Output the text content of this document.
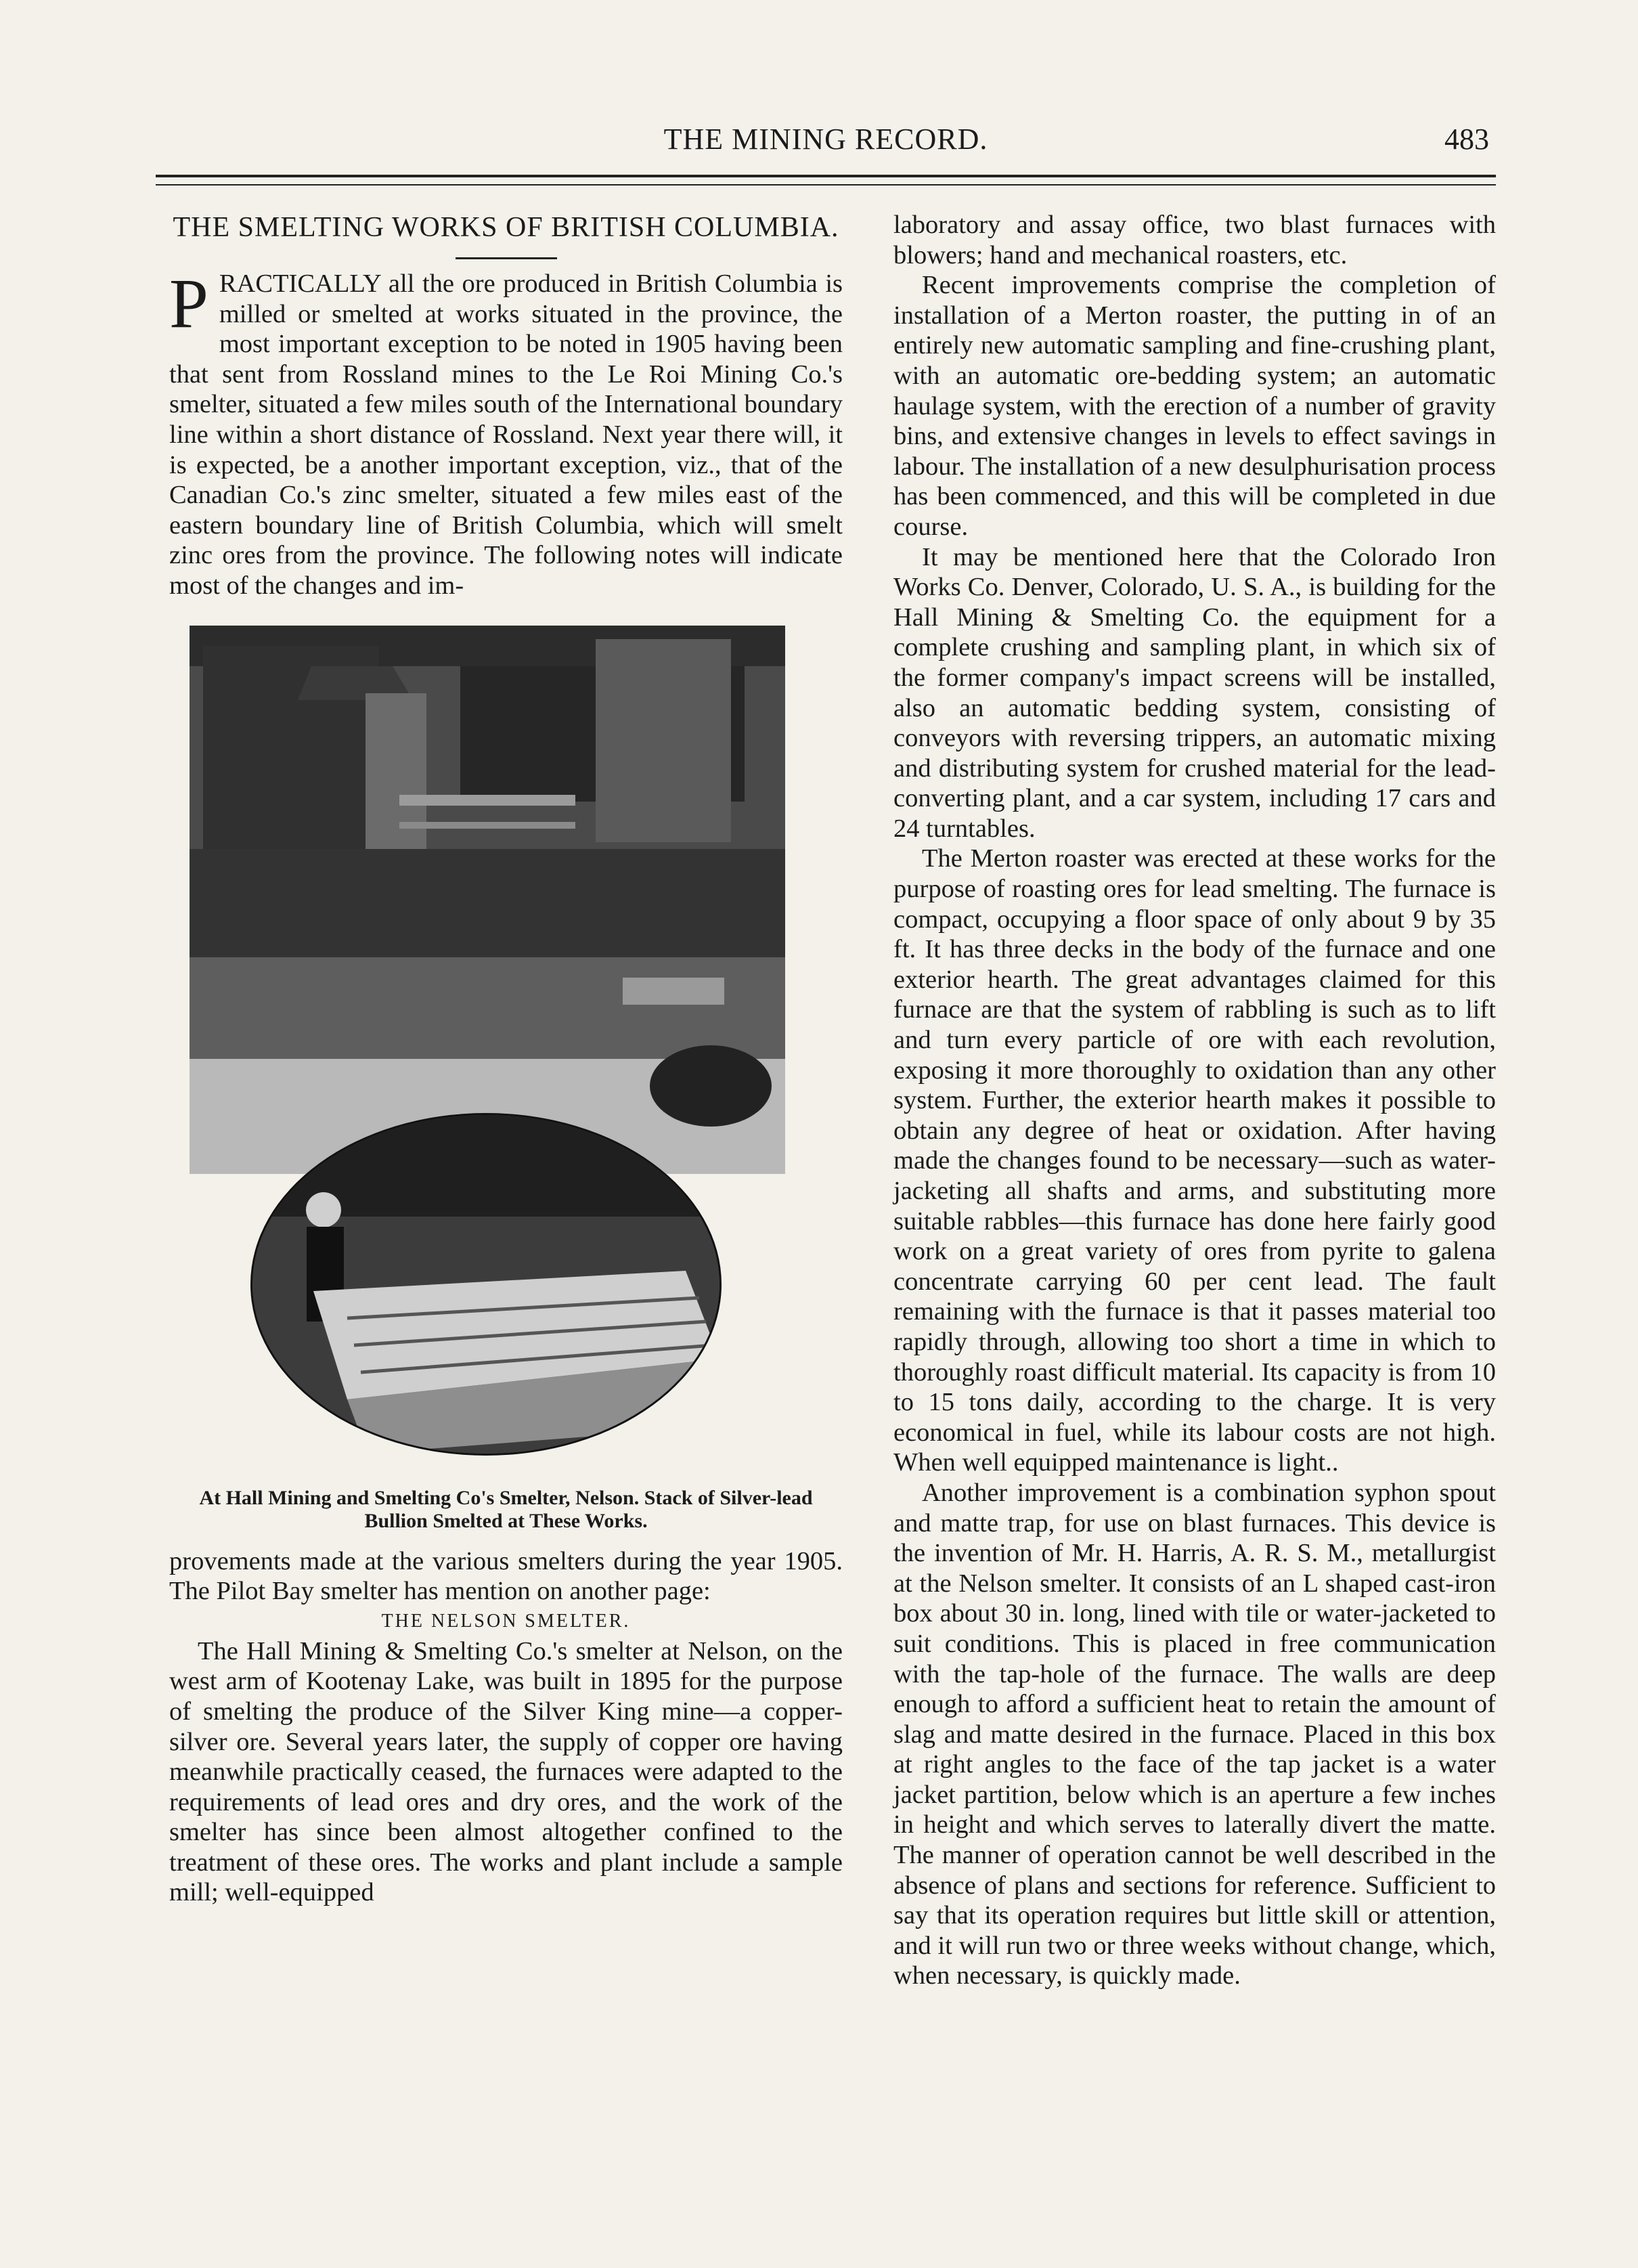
THE MINING RECORD.	483
THE SMELTING WORKS OF BRITISH COLUMBIA.

PRACTICALLY all the ore produced in British Columbia is milled or smelted at works situated in the province, the most important exception to be noted in 1905 having been that sent from Rossland mines to the Le Roi Mining Co.'s smelter, situated a few miles south of the International boundary line within a short distance of Rossland. Next year there will, it is expected, be a another important exception, viz., that of the Canadian Co.'s zinc smelter, situated a few miles east of the eastern boundary line of British Columbia, which will smelt zinc ores from the province. The following notes will indicate most of the changes and im-

At Hall Mining and Smelting Co's Smelter, Nelson. Stack of Silver-lead Bullion Smelted at These Works.

provements made at the various smelters during the year 1905. The Pilot Bay smelter has mention on another page:

THE NELSON SMELTER.

The Hall Mining & Smelting Co.'s smelter at Nelson, on the west arm of Kootenay Lake, was built in 1895 for the purpose of smelting the produce of the Silver King mine—a copper-silver ore. Several years later, the supply of copper ore having meanwhile practically ceased, the furnaces were adapted to the requirements of lead ores and dry ores, and the work of the smelter has since been almost altogether confined to the treatment of these ores. The works and plant include a sample mill; well-equipped

laboratory and assay office, two blast furnaces with blowers; hand and mechanical roasters, etc.

Recent improvements comprise the completion of installation of a Merton roaster, the putting in of an entirely new automatic sampling and fine-crushing plant, with an automatic ore-bedding system; an automatic haulage system, with the erection of a number of gravity bins, and extensive changes in levels to effect savings in labour. The installation of a new desulphurisation process has been commenced, and this will be completed in due course.

It may be mentioned here that the Colorado Iron Works Co. Denver, Colorado, U. S. A., is building for the Hall Mining & Smelting Co. the equipment for a complete crushing and sampling plant, in which six of the former company's impact screens will be installed, also an automatic bedding system, consisting of conveyors with reversing trippers, an automatic mixing and distributing system for crushed material for the lead-converting plant, and a car system, including 17 cars and 24 turntables.

The Merton roaster was erected at these works for the purpose of roasting ores for lead smelting. The furnace is compact, occupying a floor space of only about 9 by 35 ft. It has three decks in the body of the furnace and one exterior hearth. The great advantages claimed for this furnace are that the system of rabbling is such as to lift and turn every particle of ore with each revolution, exposing it more thoroughly to oxidation than any other system. Further, the exterior hearth makes it possible to obtain any degree of heat or oxidation. After having made the changes found to be necessary—such as water-jacketing all shafts and arms, and substituting more suitable rabbles—this furnace has done here fairly good work on a great variety of ores from pyrite to galena concentrate carrying 60 per cent lead. The fault remaining with the furnace is that it passes material too rapidly through, allowing too short a time in which to thoroughly roast difficult material. Its capacity is from 10 to 15 tons daily, according to the charge. It is very economical in fuel, while its labour costs are not high. When well equipped maintenance is light..

Another improvement is a combination syphon spout and matte trap, for use on blast furnaces. This device is the invention of Mr. H. Harris, A. R. S. M., metallurgist at the Nelson smelter. It consists of an L shaped cast-iron box about 30 in. long, lined with tile or water-jacketed to suit conditions. This is placed in free communication with the tap-hole of the furnace. The walls are deep enough to afford a sufficient heat to retain the amount of slag and matte desired in the furnace. Placed in this box at right angles to the face of the tap jacket is a water jacket partition, below which is an aperture a few inches in height and which serves to laterally divert the matte. The manner of operation cannot be well described in the absence of plans and sections for reference. Sufficient to say that its operation requires but little skill or attention, and it will run two or three weeks without change, which, when necessary, is quickly made.
